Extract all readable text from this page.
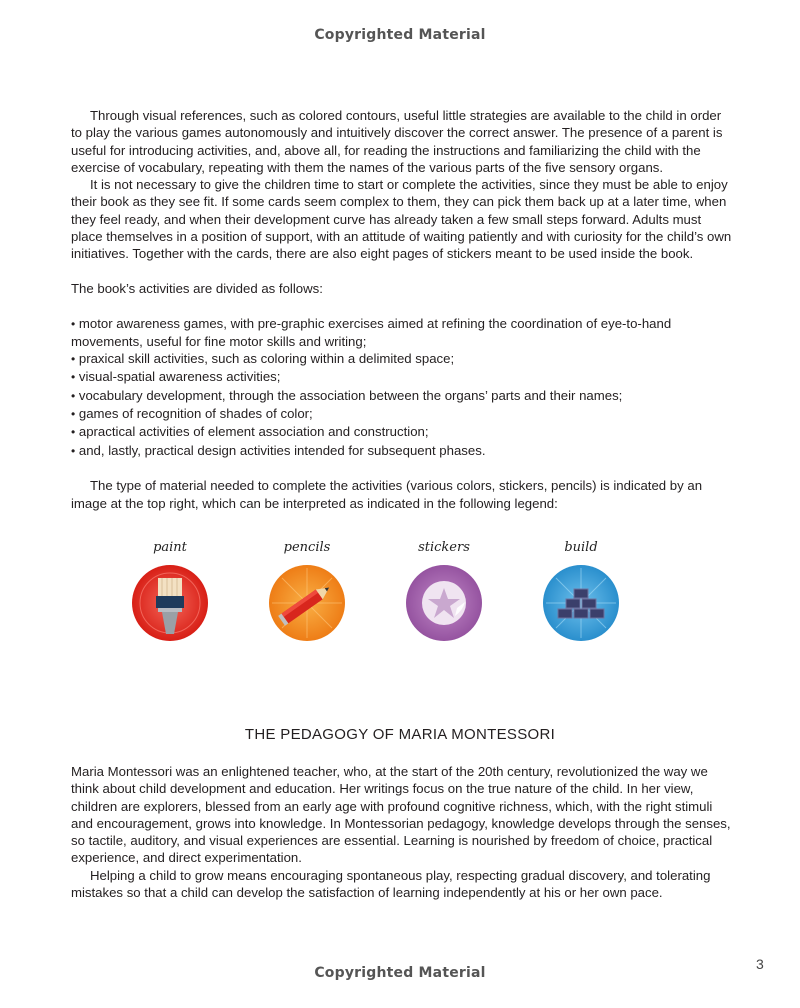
Copyrighted Material

Through visual references, such as colored contours, useful little strategies are available to the child in order to play the various games autonomously and intuitively discover the correct answer. The presence of a parent is useful for introducing activities, and, above all, for reading the instructions and familiarizing the child with the exercise of vocabulary, repeating with them the names of the various parts of the five sensory organs.

It is not necessary to give the children time to start or complete the activities, since they must be able to enjoy their book as they see fit. If some cards seem complex to them, they can pick them back up at a later time, when they feel ready, and when their development curve has already taken a few small steps forward. Adults must place themselves in a position of support, with an attitude of waiting patiently and with curiosity for the child’s own initiatives. Together with the cards, there are also eight pages of stickers meant to be used inside the book.

The book’s activities are divided as follows:

• motor awareness games, with pre-graphic exercises aimed at refining the coordination of eye-to-hand movements, useful for fine motor skills and writing;
• praxical skill activities, such as coloring within a delimited space;
• visual-spatial awareness activities;
• vocabulary development, through the association between the organs’ parts and their names;
• games of recognition of shades of color;
• apractical activities of element association and construction;
• and, lastly, practical design activities intended for subsequent phases.

The type of material needed to complete the activities (various colors, stickers, pencils) is indicated by an image at the top right, which can be interpreted as indicated in the following legend:

paint	pencils	stickers	build
THE PEDAGOGY OF MARIA MONTESSORI

Maria Montessori was an enlightened teacher, who, at the start of the 20th century, revolutionized the way we think about child development and education. Her writings focus on the true nature of the child. In her view, children are explorers, blessed from an early age with profound cognitive richness, which, with the right stimuli and encouragement, grows into knowledge. In Montessorian pedagogy, knowledge develops through the senses, so tactile, auditory, and visual experiences are essential. Learning is nourished by freedom of choice, practical experience, and direct experimentation.

Helping a child to grow means encouraging spontaneous play, respecting gradual discovery, and tolerating mistakes so that a child can develop the satisfaction of learning independently at his or her own pace.

3
Copyrighted Material
